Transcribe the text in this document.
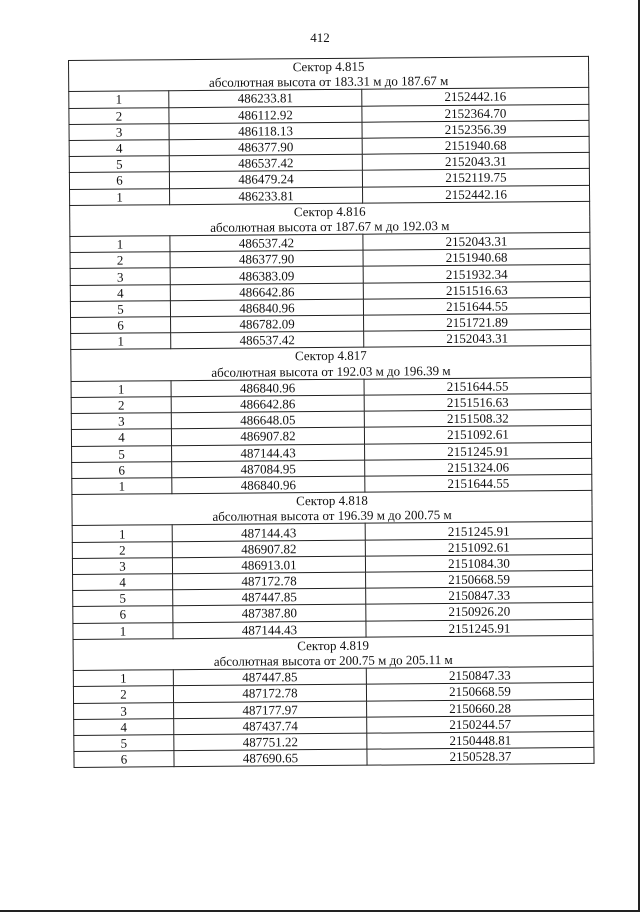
412
Сектор 4.815		
абсолютная высота от 183.31 м до 187.67 м		
1	486233.81	2152442.16
2	486112.92	2152364.70
3	486118.13	2152356.39
4	486377.90	2151940.68
5	486537.42	2152043.31
6	486479.24	2152119.75
1	486233.81	2152442.16
Сектор 4.816		
абсолютная высота от 187.67 м до 192.03 м		
1	486537.42	2152043.31
2	486377.90	2151940.68
3	486383.09	2151932.34
4	486642.86	2151516.63
5	486840.96	2151644.55
6	486782.09	2151721.89
1	486537.42	2152043.31
Сектор 4.817		
абсолютная высота от 192.03 м до 196.39 м		
1	486840.96	2151644.55
2	486642.86	2151516.63
3	486648.05	2151508.32
4	486907.82	2151092.61
5	487144.43	2151245.91
6	487084.95	2151324.06
1	486840.96	2151644.55
Сектор 4.818		
абсолютная высота от 196.39 м до 200.75 м		
1	487144.43	2151245.91
2	486907.82	2151092.61
3	486913.01	2151084.30
4	487172.78	2150668.59
5	487447.85	2150847.33
6	487387.80	2150926.20
1	487144.43	2151245.91
Сектор 4.819		
абсолютная высота от 200.75 м до 205.11 м		
1	487447.85	2150847.33
2	487172.78	2150668.59
3	487177.97	2150660.28
4	487437.74	2150244.57
5	487751.22	2150448.81
6	487690.65	2150528.37
